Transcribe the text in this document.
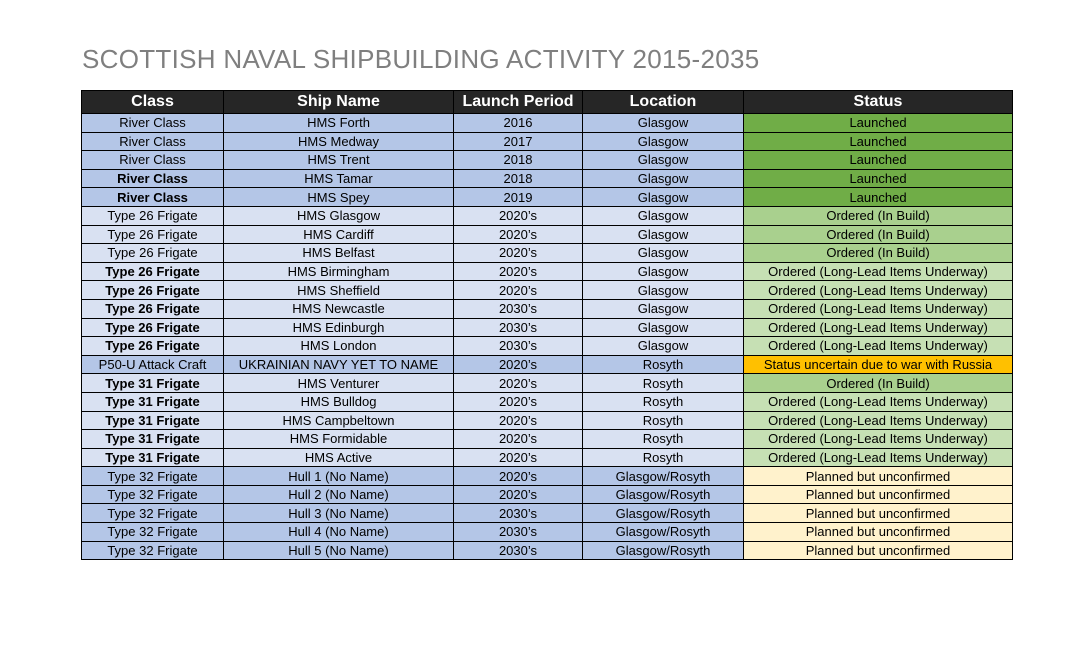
SCOTTISH NAVAL SHIPBUILDING ACTIVITY 2015-2035
Class	Ship Name	Launch Period	Location	Status
River Class	HMS Forth	2016	Glasgow	Launched
River Class	HMS Medway	2017	Glasgow	Launched
River Class	HMS Trent	2018	Glasgow	Launched
River Class	HMS Tamar	2018	Glasgow	Launched
River Class	HMS Spey	2019	Glasgow	Launched
Type 26 Frigate	HMS Glasgow	2020’s	Glasgow	Ordered (In Build)
Type 26 Frigate	HMS Cardiff	2020’s	Glasgow	Ordered (In Build)
Type 26 Frigate	HMS Belfast	2020’s	Glasgow	Ordered (In Build)
Type 26 Frigate	HMS Birmingham	2020’s	Glasgow	Ordered (Long-Lead Items Underway)
Type 26 Frigate	HMS Sheffield	2020’s	Glasgow	Ordered (Long-Lead Items Underway)
Type 26 Frigate	HMS Newcastle	2030’s	Glasgow	Ordered (Long-Lead Items Underway)
Type 26 Frigate	HMS Edinburgh	2030’s	Glasgow	Ordered (Long-Lead Items Underway)
Type 26 Frigate	HMS London	2030’s	Glasgow	Ordered (Long-Lead Items Underway)
P50-U Attack Craft	UKRAINIAN NAVY YET TO NAME	2020’s	Rosyth	Status uncertain due to war with Russia
Type 31 Frigate	HMS Venturer	2020’s	Rosyth	Ordered (In Build)
Type 31 Frigate	HMS Bulldog	2020’s	Rosyth	Ordered (Long-Lead Items Underway)
Type 31 Frigate	HMS Campbeltown	2020’s	Rosyth	Ordered (Long-Lead Items Underway)
Type 31 Frigate	HMS Formidable	2020’s	Rosyth	Ordered (Long-Lead Items Underway)
Type 31 Frigate	HMS Active	2020’s	Rosyth	Ordered (Long-Lead Items Underway)
Type 32 Frigate	Hull 1 (No Name)	2020’s	Glasgow/Rosyth	Planned but unconfirmed
Type 32 Frigate	Hull 2 (No Name)	2020’s	Glasgow/Rosyth	Planned but unconfirmed
Type 32 Frigate	Hull 3 (No Name)	2030’s	Glasgow/Rosyth	Planned but unconfirmed
Type 32 Frigate	Hull 4 (No Name)	2030’s	Glasgow/Rosyth	Planned but unconfirmed
Type 32 Frigate	Hull 5 (No Name)	2030’s	Glasgow/Rosyth	Planned but unconfirmed
